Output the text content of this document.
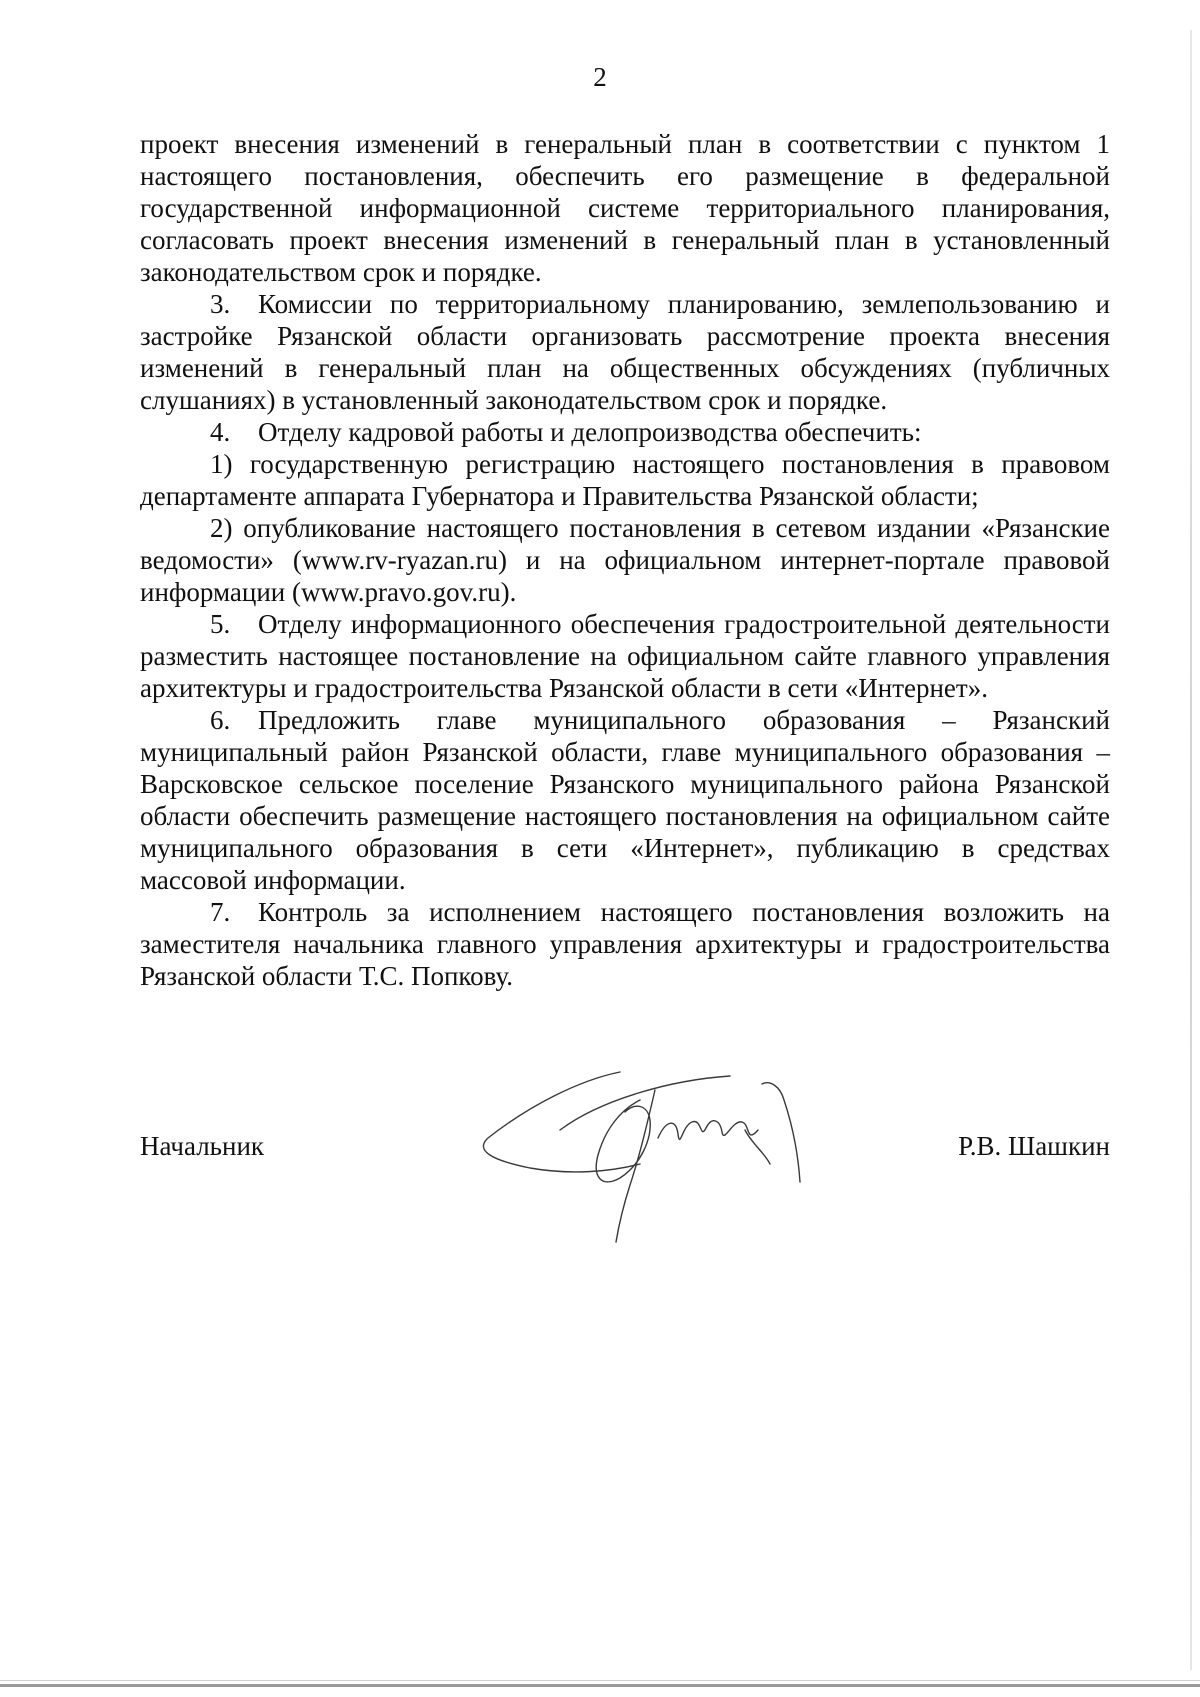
2

проект внесения изменений в генеральный план в соответствии с пунктом 1 настоящего постановления, обеспечить его размещение в федеральной государственной информационной системе территориального планирования, согласовать проект внесения изменений в генеральный план в установленный законодательством срок и порядке.

3. Комиссии по территориальному планированию, землепользованию и застройке Рязанской области организовать рассмотрение проекта внесения изменений в генеральный план на общественных обсуждениях (публичных слушаниях) в установленный законодательством срок и порядке.

4. Отделу кадровой работы и делопроизводства обеспечить:

1) государственную регистрацию настоящего постановления в правовом департаменте аппарата Губернатора и Правительства Рязанской области;

2) опубликование настоящего постановления в сетевом издании «Рязанские ведомости» (www.rv-ryazan.ru) и на официальном интернет-портале правовой информации (www.pravo.gov.ru).

5. Отделу информационного обеспечения градостроительной деятельности разместить настоящее постановление на официальном сайте главного управления архитектуры и градостроительства Рязанской области в сети «Интернет».

6. Предложить главе муниципального образования – Рязанский муниципальный район Рязанской области, главе муниципального образования – Варсковское сельское поселение Рязанского муниципального района Рязанской области обеспечить размещение настоящего постановления на официальном сайте муниципального образования в сети «Интернет», публикацию в средствах массовой информации.

7. Контроль за исполнением настоящего постановления возложить на заместителя начальника главного управления архитектуры и градостроительства Рязанской области Т.С. Попкову.

Начальник	Р.В. Шашкин
